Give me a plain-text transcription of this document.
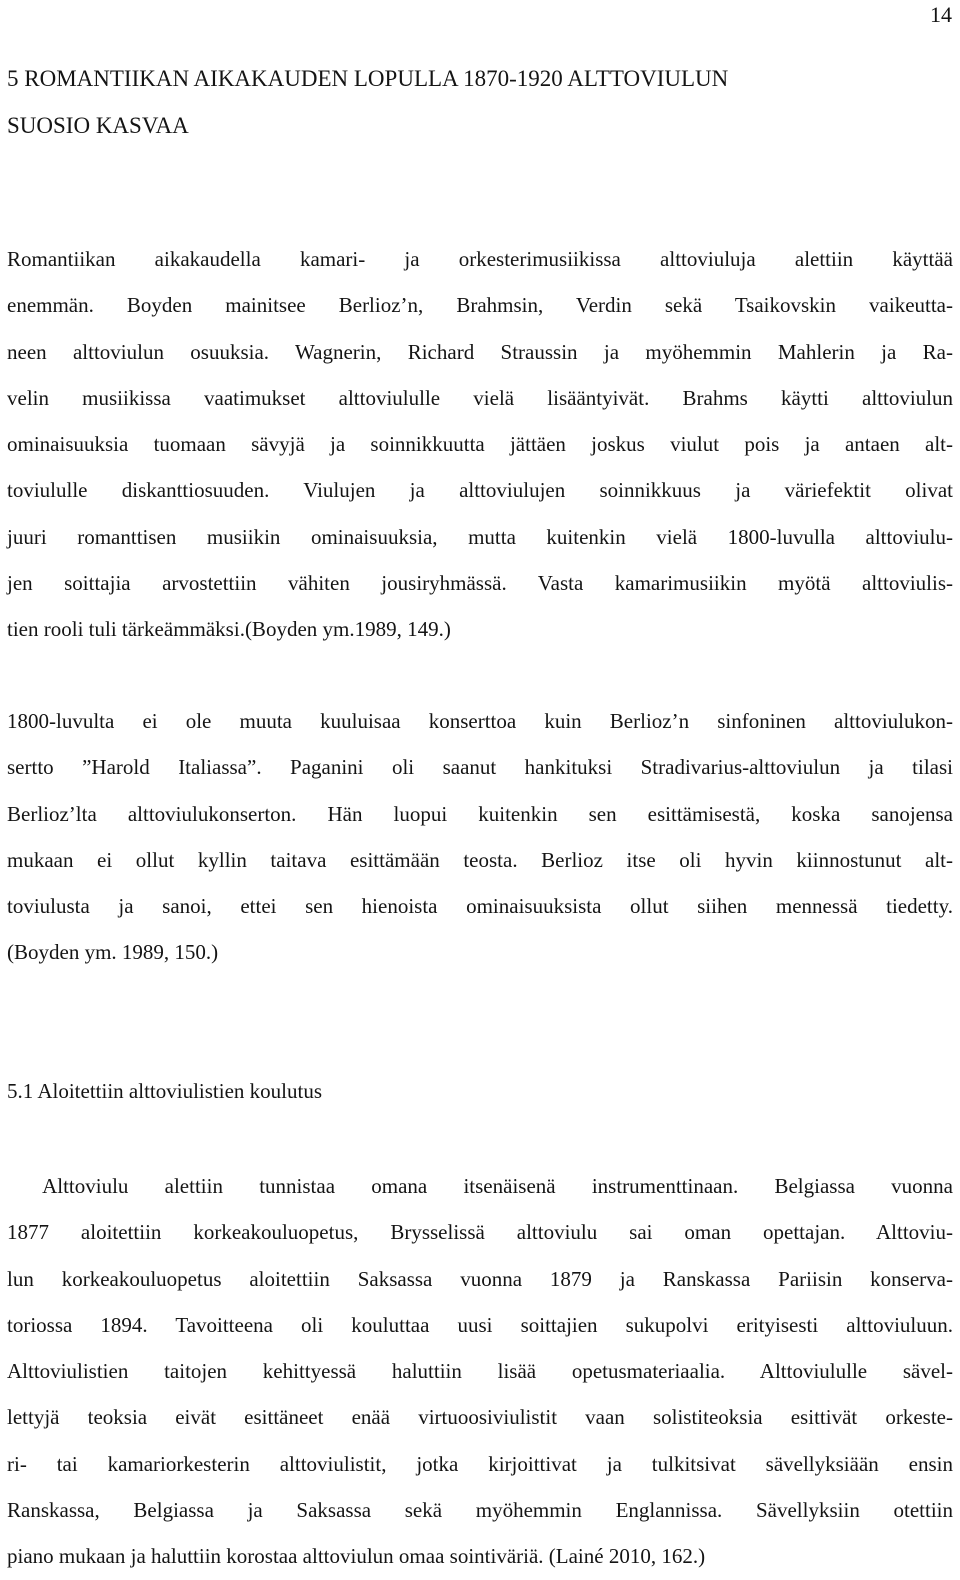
14
5 ROMANTIIKAN AIKAKAUDEN LOPULLA 1870-1920 ALTTOVIULUN
SUOSIO KASVAA
Romantiikan aikakaudella kamari- ja orkesterimusiikissa alttoviuluja alettiin käyttää
enemmän. Boyden mainitsee Berlioz’n, Brahmsin, Verdin sekä Tsaikovskin vaikeutta-
neen alttoviulun osuuksia. Wagnerin, Richard Straussin ja myöhemmin Mahlerin ja Ra-
velin musiikissa vaatimukset alttoviululle vielä lisääntyivät. Brahms käytti alttoviulun
ominaisuuksia tuomaan sävyjä ja soinnikkuutta jättäen joskus viulut pois ja antaen alt-
toviululle diskanttiosuuden. Viulujen ja alttoviulujen soinnikkuus ja väriefektit olivat
juuri romanttisen musiikin ominaisuuksia, mutta kuitenkin vielä 1800-luvulla alttoviulu-
jen soittajia arvostettiin vähiten jousiryhmässä. Vasta kamarimusiikin myötä alttoviulis-
tien rooli tuli tärkeämmäksi.(Boyden ym.1989, 149.)
1800-luvulta ei ole muuta kuuluisaa konserttoa kuin Berlioz’n sinfoninen alttoviulukon-
sertto ”Harold Italiassa”. Paganini oli saanut hankituksi Stradivarius-alttoviulun ja tilasi
Berlioz’lta alttoviulukonserton. Hän luopui kuitenkin sen esittämisestä, koska sanojensa
mukaan ei ollut kyllin taitava esittämään teosta. Berlioz itse oli hyvin kiinnostunut alt-
toviulusta ja sanoi, ettei sen hienoista ominaisuuksista ollut siihen mennessä tiedetty.
(Boyden ym. 1989, 150.)
5.1 Aloitettiin alttoviulistien koulutus
Alttoviulu alettiin tunnistaa omana itsenäisenä instrumenttinaan. Belgiassa vuonna
1877 aloitettiin korkeakouluopetus, Brysselissä alttoviulu sai oman opettajan. Alttoviu-
lun korkeakouluopetus aloitettiin Saksassa vuonna 1879 ja Ranskassa Pariisin konserva-
toriossa 1894. Tavoitteena oli kouluttaa uusi soittajien sukupolvi erityisesti alttoviuluun.
Alttoviulistien taitojen kehittyessä haluttiin lisää opetusmateriaalia. Alttoviululle sävel-
lettyjä teoksia eivät esittäneet enää virtuoosiviulistit vaan solistiteoksia esittivät orkeste-
ri- tai kamariorkesterin alttoviulistit, jotka kirjoittivat ja tulkitsivat sävellyksiään ensin
Ranskassa, Belgiassa ja Saksassa sekä myöhemmin Englannissa. Sävellyksiin otettiin
piano mukaan ja haluttiin korostaa alttoviulun omaa sointiväriä. (Lainé 2010, 162.)
